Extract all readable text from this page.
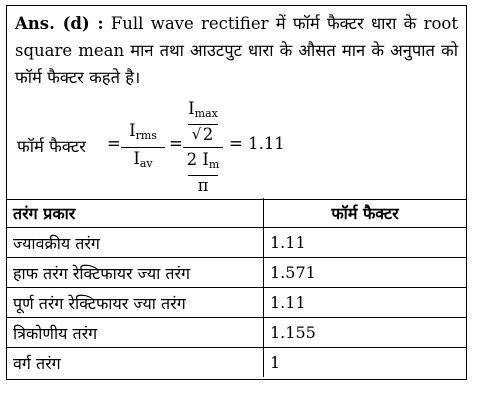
Ans. (d) : Full wave rectifier में फॉर्म फैक्टर धारा के root square mean मान तथा आउटपुट धारा के औसत मान के अनुपात को फॉर्म फैक्टर कहते है।

फॉर्म फैक्टर =
$I_{rms}$
$I_{av}$
=
$I_{max}$
√ 2
2 $I_m$
π
= 1.11
तरंग प्रकार	फॉर्म फैक्टर
ज्यावक्रीय तरंग	1.11
हाफ तरंग रेक्टिफायर ज्या तरंग	1.571
पूर्ण तरंग रेक्टिफायर ज्या तरंग	1.11
त्रिकोणीय तरंग	1.155
वर्ग तरंग	1
